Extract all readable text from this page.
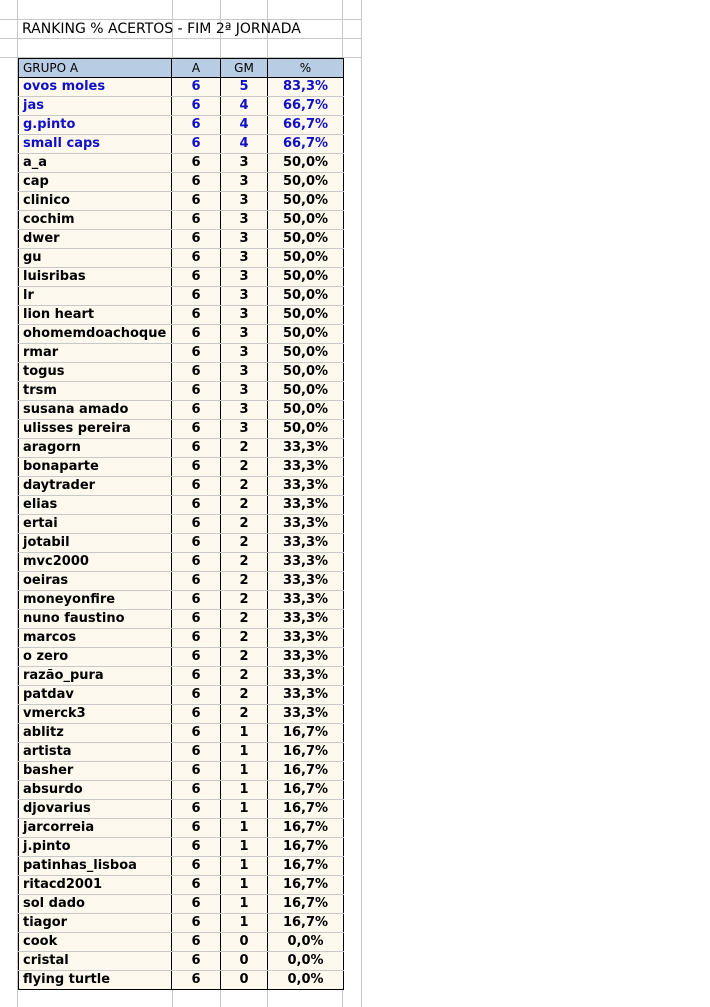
RANKING % ACERTOS - FIM 2ª JORNADA
GRUPO A	A	GM	%
ovos moles	6	5	83,3%
jas	6	4	66,7%
g.pinto	6	4	66,7%
small caps	6	4	66,7%
a_a	6	3	50,0%
cap	6	3	50,0%
clinico	6	3	50,0%
cochim	6	3	50,0%
dwer	6	3	50,0%
gu	6	3	50,0%
luisribas	6	3	50,0%
lr	6	3	50,0%
lion heart	6	3	50,0%
ohomemdoachoque	6	3	50,0%
rmar	6	3	50,0%
togus	6	3	50,0%
trsm	6	3	50,0%
susana amado	6	3	50,0%
ulisses pereira	6	3	50,0%
aragorn	6	2	33,3%
bonaparte	6	2	33,3%
daytrader	6	2	33,3%
elias	6	2	33,3%
ertai	6	2	33,3%
jotabil	6	2	33,3%
mvc2000	6	2	33,3%
oeiras	6	2	33,3%
moneyonfire	6	2	33,3%
nuno faustino	6	2	33,3%
marcos	6	2	33,3%
o zero	6	2	33,3%
razão_pura	6	2	33,3%
patdav	6	2	33,3%
vmerck3	6	2	33,3%
ablitz	6	1	16,7%
artista	6	1	16,7%
basher	6	1	16,7%
absurdo	6	1	16,7%
djovarius	6	1	16,7%
jarcorreia	6	1	16,7%
j.pinto	6	1	16,7%
patinhas_lisboa	6	1	16,7%
ritacd2001	6	1	16,7%
sol dado	6	1	16,7%
tiagor	6	1	16,7%
cook	6	0	0,0%
cristal	6	0	0,0%
flying turtle	6	0	0,0%
